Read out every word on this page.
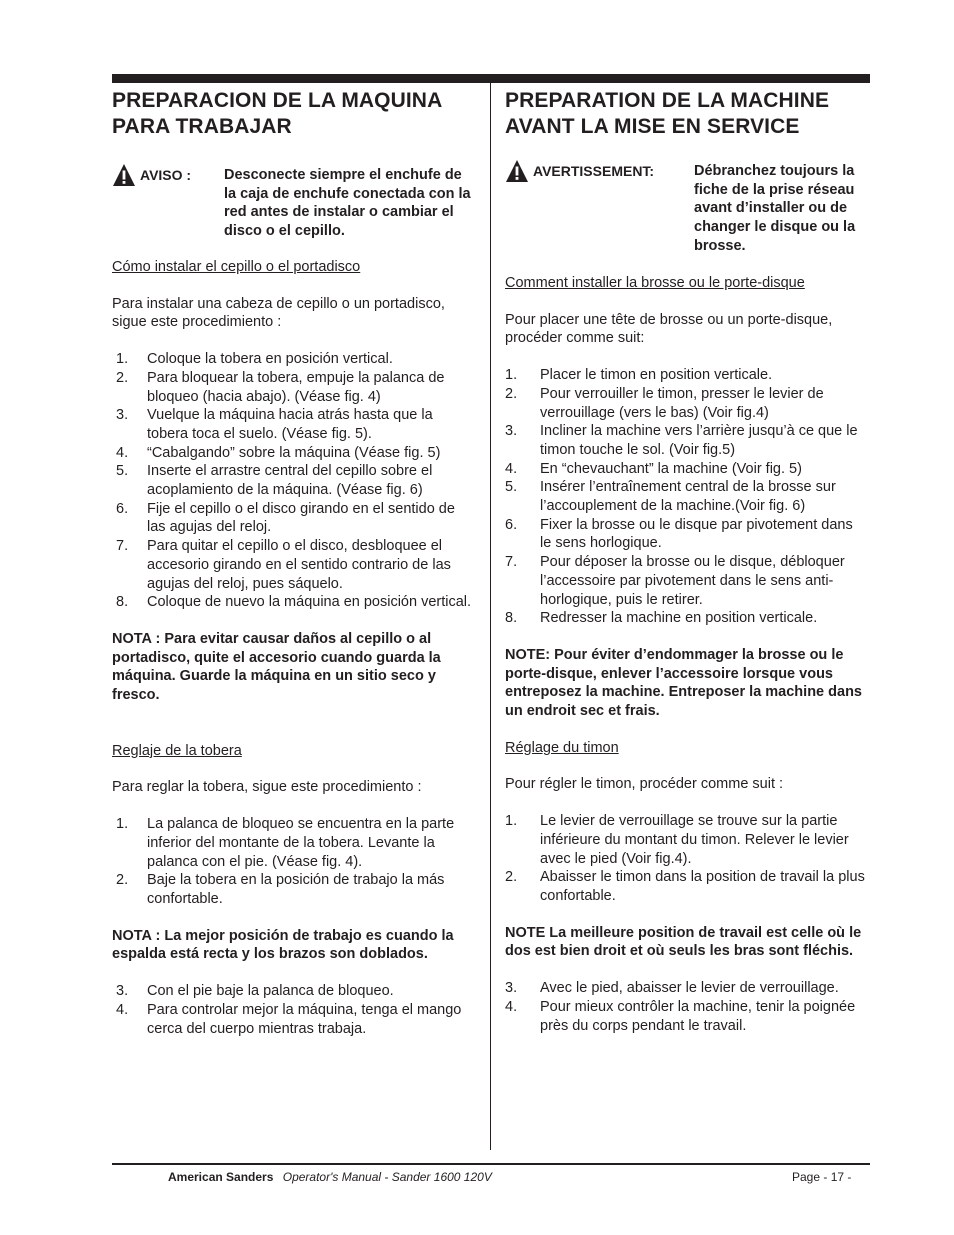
PREPARACION DE LA MAQUINA
PARA TRABAJAR
AVISO : Desconecte siempre el enchufe de la caja de enchufe conectada con la red antes de instalar o cambiar el disco o el cepillo.

Cómo instalar el cepillo o el portadisco

Para instalar una cabeza de cepillo o un portadisco, sigue este procedimiento :

1. Coloque la tobera en posición vertical.
2. Para bloquear la tobera, empuje la palanca de bloqueo (hacia abajo). (Véase fig. 4)
3. Vuelque la máquina hacia atrás hasta que la tobera toca el suelo. (Véase fig. 5).
4. “Cabalgando” sobre la máquina (Véase fig. 5)
5. Inserte el arrastre central del cepillo sobre el acoplamiento de la máquina. (Véase fig. 6)
6. Fije el cepillo o el disco girando en el sentido de las agujas del reloj.
7. Para quitar el cepillo o el disco, desbloquee el accesorio girando en el sentido contrario de las agujas del reloj, pues sáquelo.
8. Coloque de nuevo la máquina en posición vertical.

NOTA : Para evitar causar daños al cepillo o al portadisco, quite el accesorio cuando guarda la máquina. Guarde la máquina en un sitio seco y fresco.

Reglaje de la tobera

Para reglar la tobera, sigue este procedimiento :

1. La palanca de bloqueo se encuentra en la parte inferior del montante de la tobera. Levante la palanca con el pie. (Véase fig. 4).
2. Baje la tobera en la posición de trabajo la más confortable.

NOTA : La mejor posición de trabajo es cuando la espalda está recta y los brazos son doblados.

3. Con el pie baje la palanca de bloqueo.
4. Para controlar mejor la máquina, tenga el mango cerca del cuerpo mientras trabaja.
PREPARATION DE LA MACHINE
AVANT LA MISE EN SERVICE
AVERTISSEMENT:	Débranchez toujours la fiche de la prise réseau avant d’installer ou de changer le disque ou la brosse.

Comment installer la brosse ou le porte-disque

Pour placer une tête de brosse ou un porte-disque, procéder comme suit:

1. Placer le timon en position verticale.
2. Pour verrouiller le timon, presser le levier de verrouillage (vers le bas) (Voir fig.4)
3. Incliner la machine vers l’arrière jusqu’à ce que le timon touche le sol. (Voir fig.5)
4. En “chevauchant” la machine (Voir fig. 5)
5. Insérer l’entraînement central de la brosse sur l’accouplement de la machine.(Voir fig. 6)
6. Fixer la brosse ou le disque par pivotement dans le sens horlogique.
7. Pour déposer la brosse ou le disque, débloquer l’accessoire par pivotement dans le sens anti-horlogique, puis le retirer.
8. Redresser la machine en position verticale.

NOTE: Pour éviter d’endommager la brosse ou le porte-disque, enlever l’accessoire lorsque vous entreposez la machine. Entreposer la machine dans un endroit sec et frais.

Réglage du timon

Pour régler le timon, procéder comme suit :

1. Le levier de verrouillage se trouve sur la partie inférieure du montant du timon. Relever le levier avec le pied (Voir fig.4).
2. Abaisser le timon dans la position de travail la plus confortable.

NOTE La meilleure position de travail est celle où le dos est bien droit et où seuls les bras sont fléchis.

3. Avec le pied, abaisser le levier de verrouillage.
4. Pour mieux contrôler la machine, tenir la poignée près du corps pendant le travail.
American Sanders Operator's Manual - Sander 1600 120V	Page - 17 -
